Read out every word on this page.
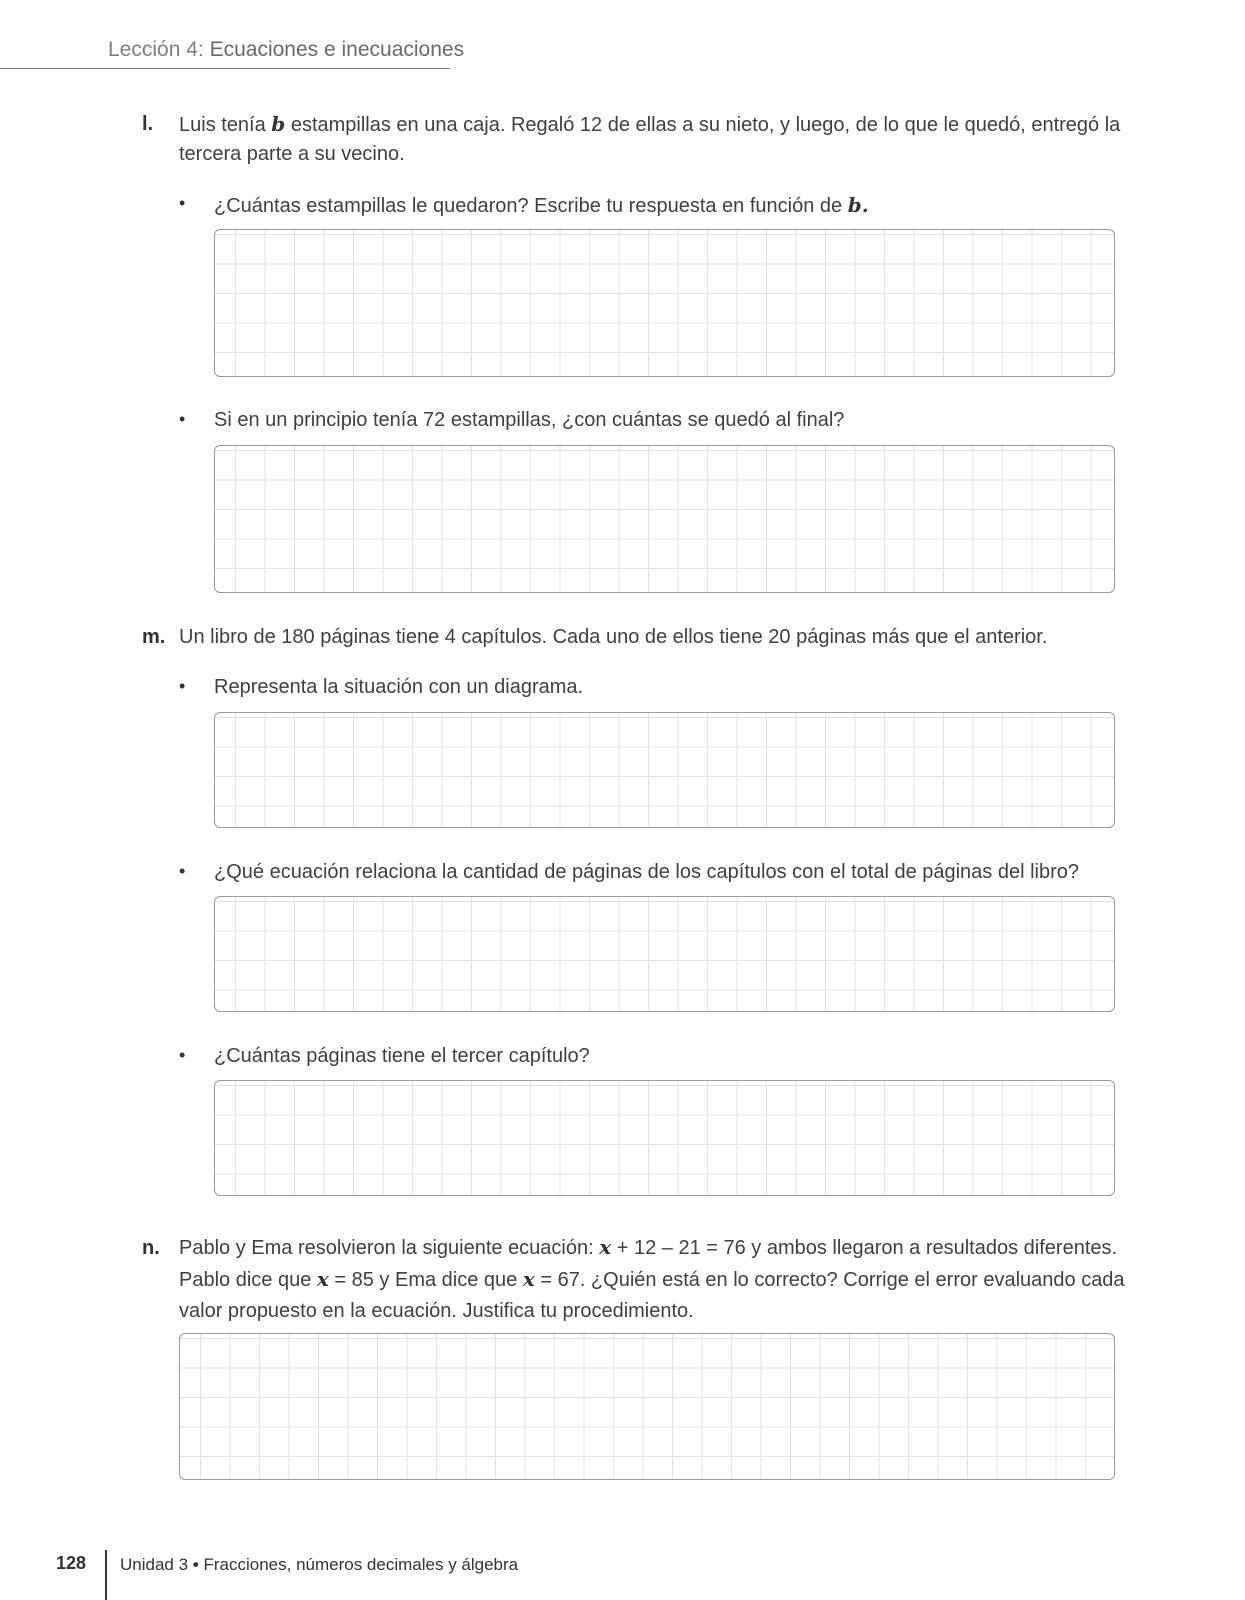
Lección 4: Ecuaciones e inecuaciones
l. Luis tenía b estampillas en una caja. Regaló 12 de ellas a su nieto, y luego, de lo que le quedó, entregó la
tercera parte a su vecino.
• ¿Cuántas estampillas le quedaron? Escribe tu respuesta en función de b.
• Si en un principio tenía 72 estampillas, ¿con cuántas se quedó al final?
m. Un libro de 180 páginas tiene 4 capítulos. Cada uno de ellos tiene 20 páginas más que el anterior.
• Representa la situación con un diagrama.
• ¿Qué ecuación relaciona la cantidad de páginas de los capítulos con el total de páginas del libro?
• ¿Cuántas páginas tiene el tercer capítulo?
n. Pablo y Ema resolvieron la siguiente ecuación: x + 12 – 21 = 76 y ambos llegaron a resultados diferentes.
Pablo dice que x = 85 y Ema dice que x = 67. ¿Quién está en lo correcto? Corrige el error evaluando cada
valor propuesto en la ecuación. Justifica tu procedimiento.
128 Unidad 3 • Fracciones, números decimales y álgebra
